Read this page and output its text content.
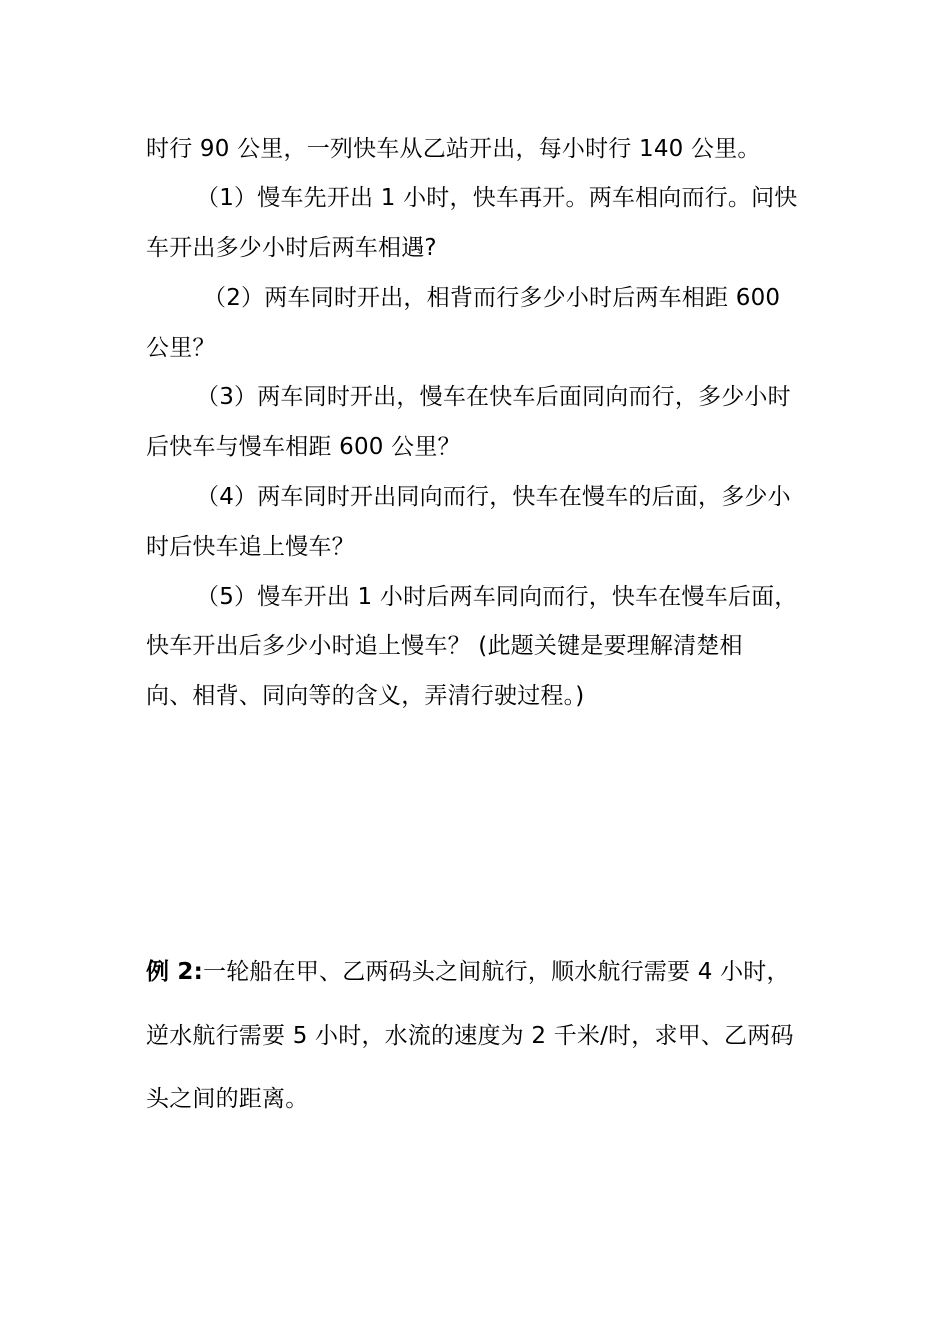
时行 90 公里，一列快车从乙站开出，每小时行 140 公里。
（1）慢车先开出 1 小时，快车再开。两车相向而行。问快
车开出多少小时后两车相遇?
（2）两车同时开出，相背而行多少小时后两车相距 600
公里？
（3）两车同时开出，慢车在快车后面同向而行，多少小时
后快车与慢车相距 600 公里？
（4）两车同时开出同向而行，快车在慢车的后面，多少小
时后快车追上慢车？
（5）慢车开出 1 小时后两车同向而行，快车在慢车后面，
快车开出后多少小时追上慢车？ (此题关键是要理解清楚相
向、相背、同向等的含义，弄清行驶过程。)
例 2:一轮船在甲、乙两码头之间航行，顺水航行需要 4 小时，
逆水航行需要 5 小时，水流的速度为 2 千米/时，求甲、乙两码
头之间的距离。
